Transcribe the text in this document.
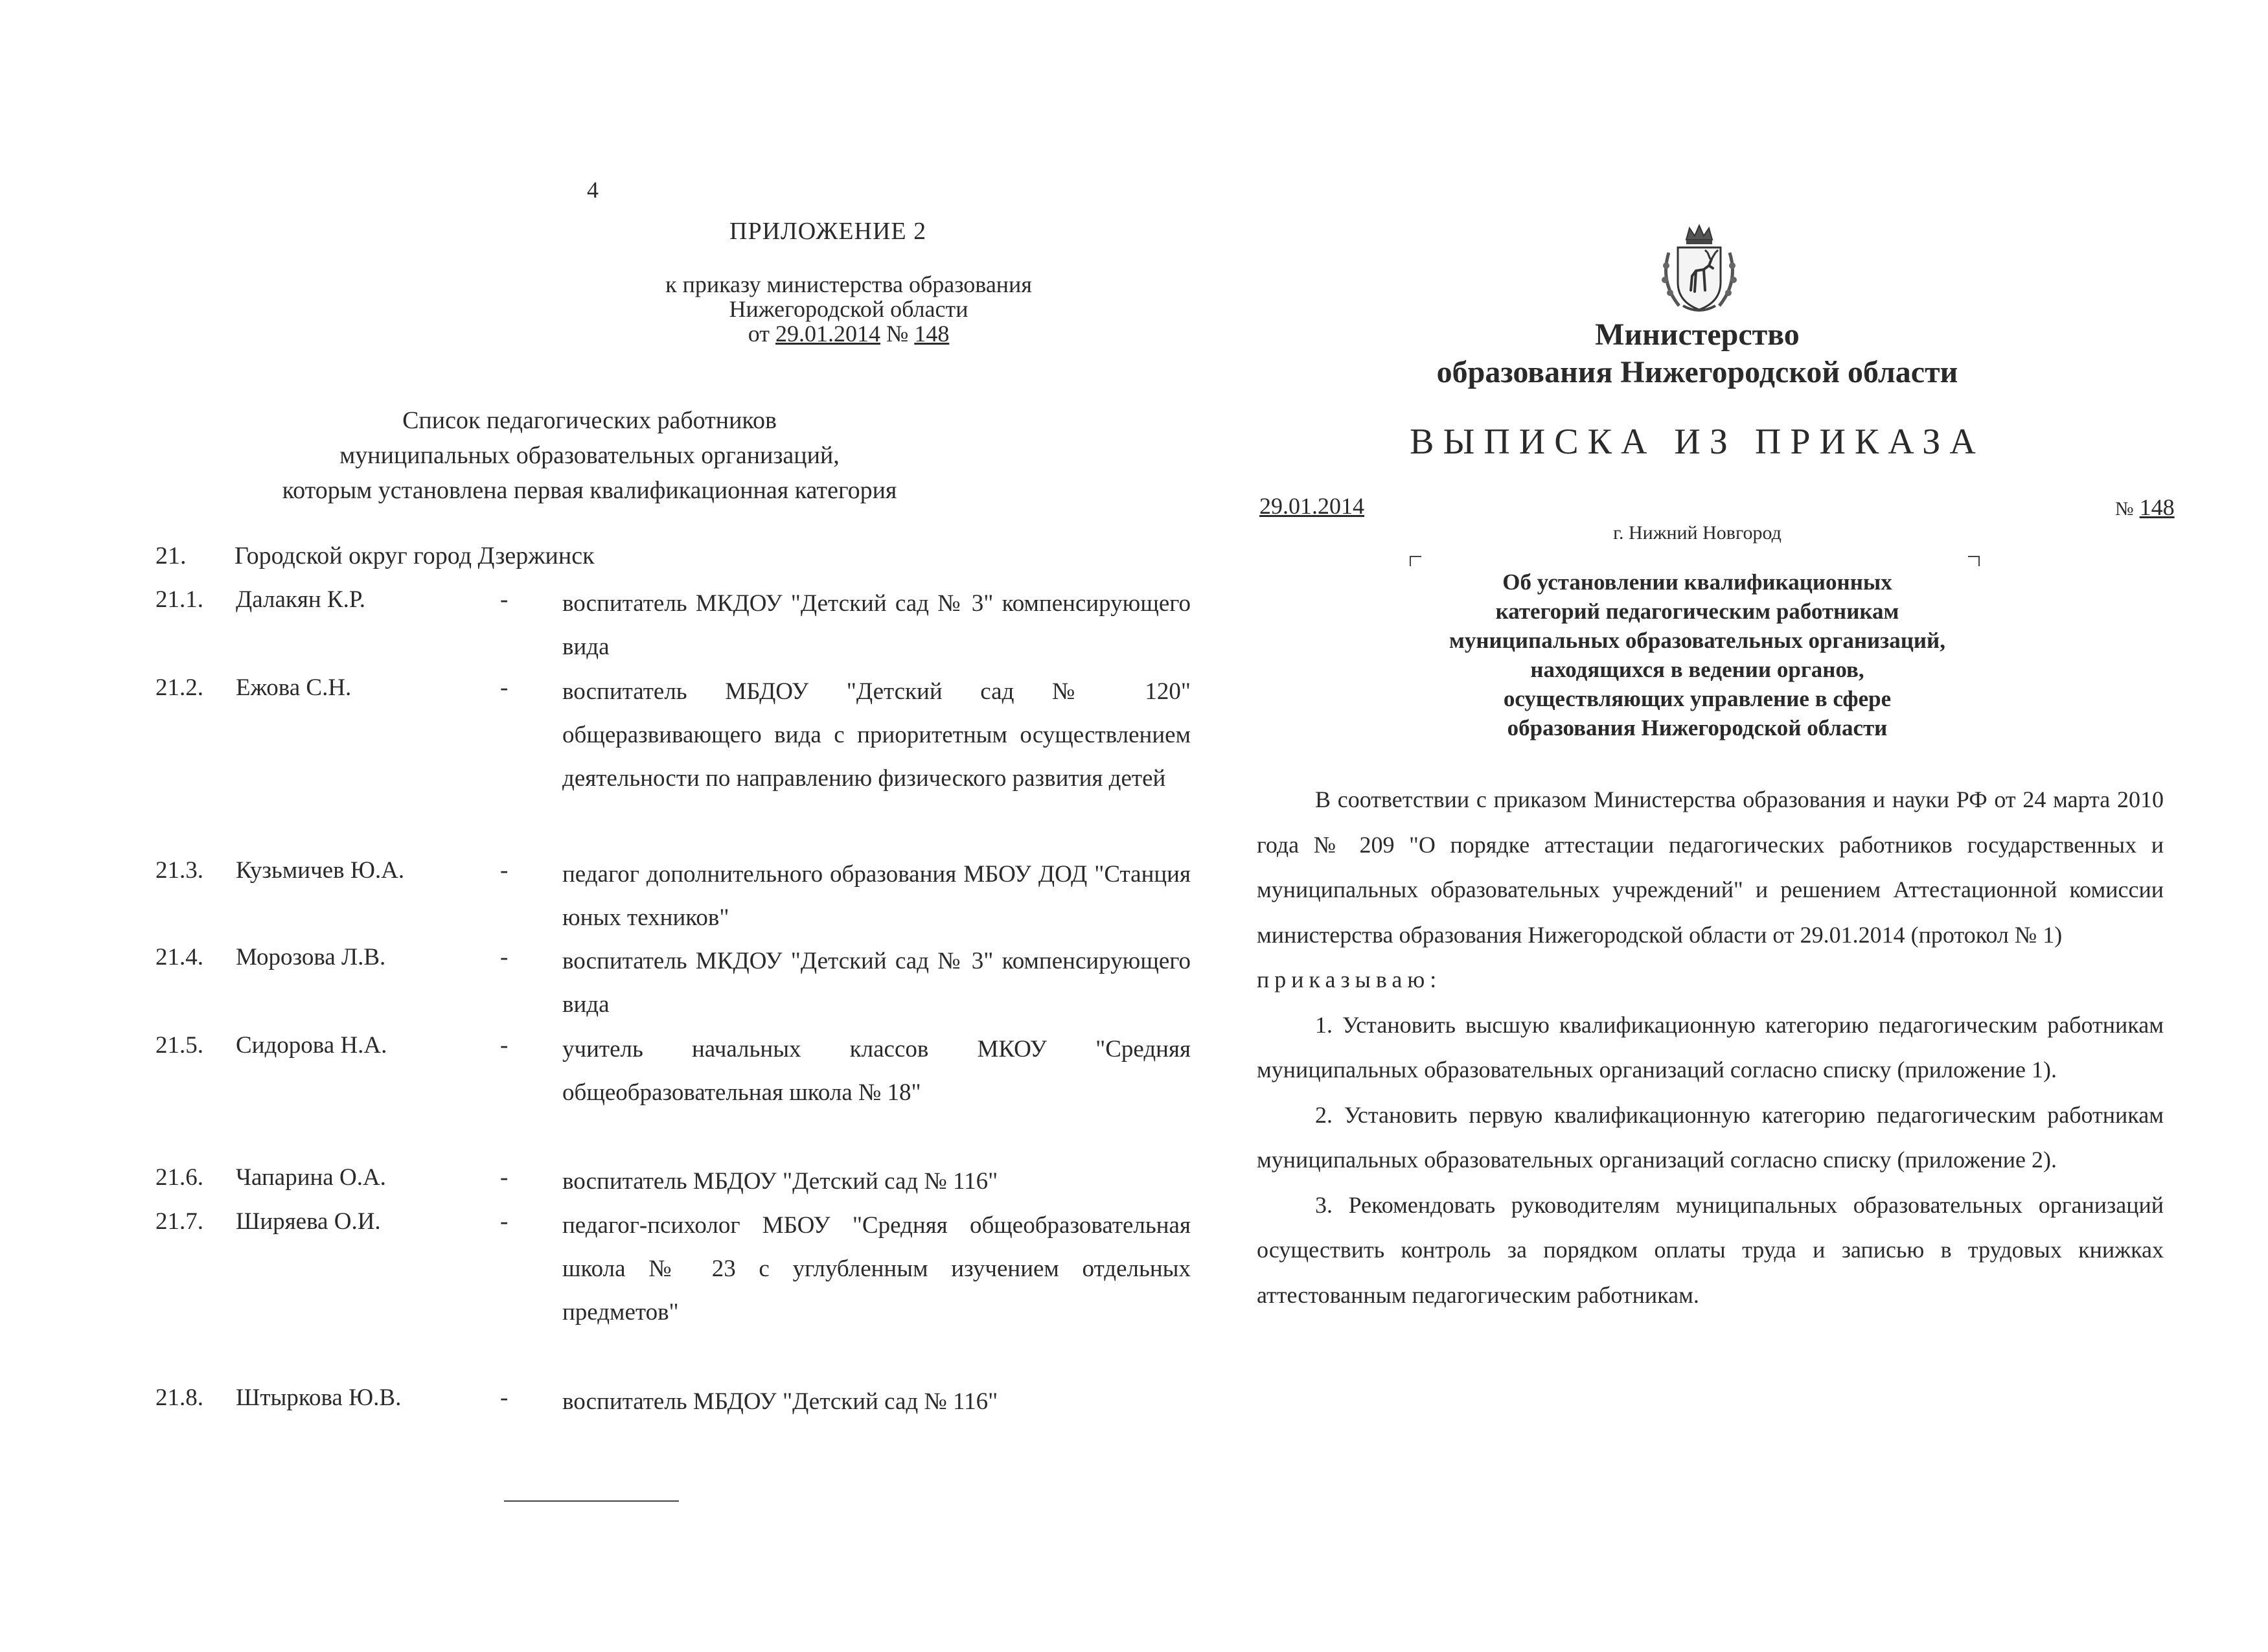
4
ПРИЛОЖЕНИЕ 2
к приказу министерства образования
Нижегородской области
от 29.01.2014 № 148
Список педагогических работников
муниципальных образовательных организаций,
которым установлена первая квалификационная категория
21. Городской округ город Дзержинск
21.1. Далакян К.Р.	- воспитатель МКДОУ "Детский сад № 3" компенсирующего вида
21.2. Ежова С.Н.	- воспитатель МБДОУ "Детский сад № 120" общеразвивающего вида с приоритетным осуществлением деятельности по направлению физического развития детей
21.3. Кузьмичев Ю.А.	- педагог дополнительного образования МБОУ ДОД "Станция юных техников"
21.4. Морозова Л.В.	- воспитатель МКДОУ "Детский сад № 3" компенсирующего вида
21.5. Сидорова Н.А.	- учитель начальных классов МКОУ "Средняя общеобразовательная школа № 18"
21.6. Чапарина О.А.	- воспитатель МБДОУ "Детский сад № 116"
21.7. Ширяева О.И.	- педагог-психолог МБОУ "Средняя общеобразовательная школа № 23 с углубленным изучением отдельных предметов"
21.8. Штыркова Ю.В.	- воспитатель МБДОУ "Детский сад № 116"
Министерство
образования Нижегородской области
ВЫПИСКА ИЗ ПРИКАЗА
29.01.2014	№ 148
г. Нижний Новгород
Об установлении квалификационных
категорий педагогическим работникам
муниципальных образовательных организаций,
находящихся в ведении органов,
осуществляющих управление в сфере
образования Нижегородской области

В соответствии с приказом Министерства образования и науки РФ от 24 марта 2010 года № 209 "О порядке аттестации педагогических работников государственных и муниципальных образовательных учреждений" и решением Аттестационной комиссии министерства образования Нижегородской области от 29.01.2014 (протокол № 1)

приказываю:

1. Установить высшую квалификационную категорию педагогическим работникам муниципальных образовательных организаций согласно списку (приложение 1).

2. Установить первую квалификационную категорию педагогическим работникам муниципальных образовательных организаций согласно списку (приложение 2).

3. Рекомендовать руководителям муниципальных образовательных организаций осуществить контроль за порядком оплаты труда и записью в трудовых книжках аттестованным педагогическим работникам.
